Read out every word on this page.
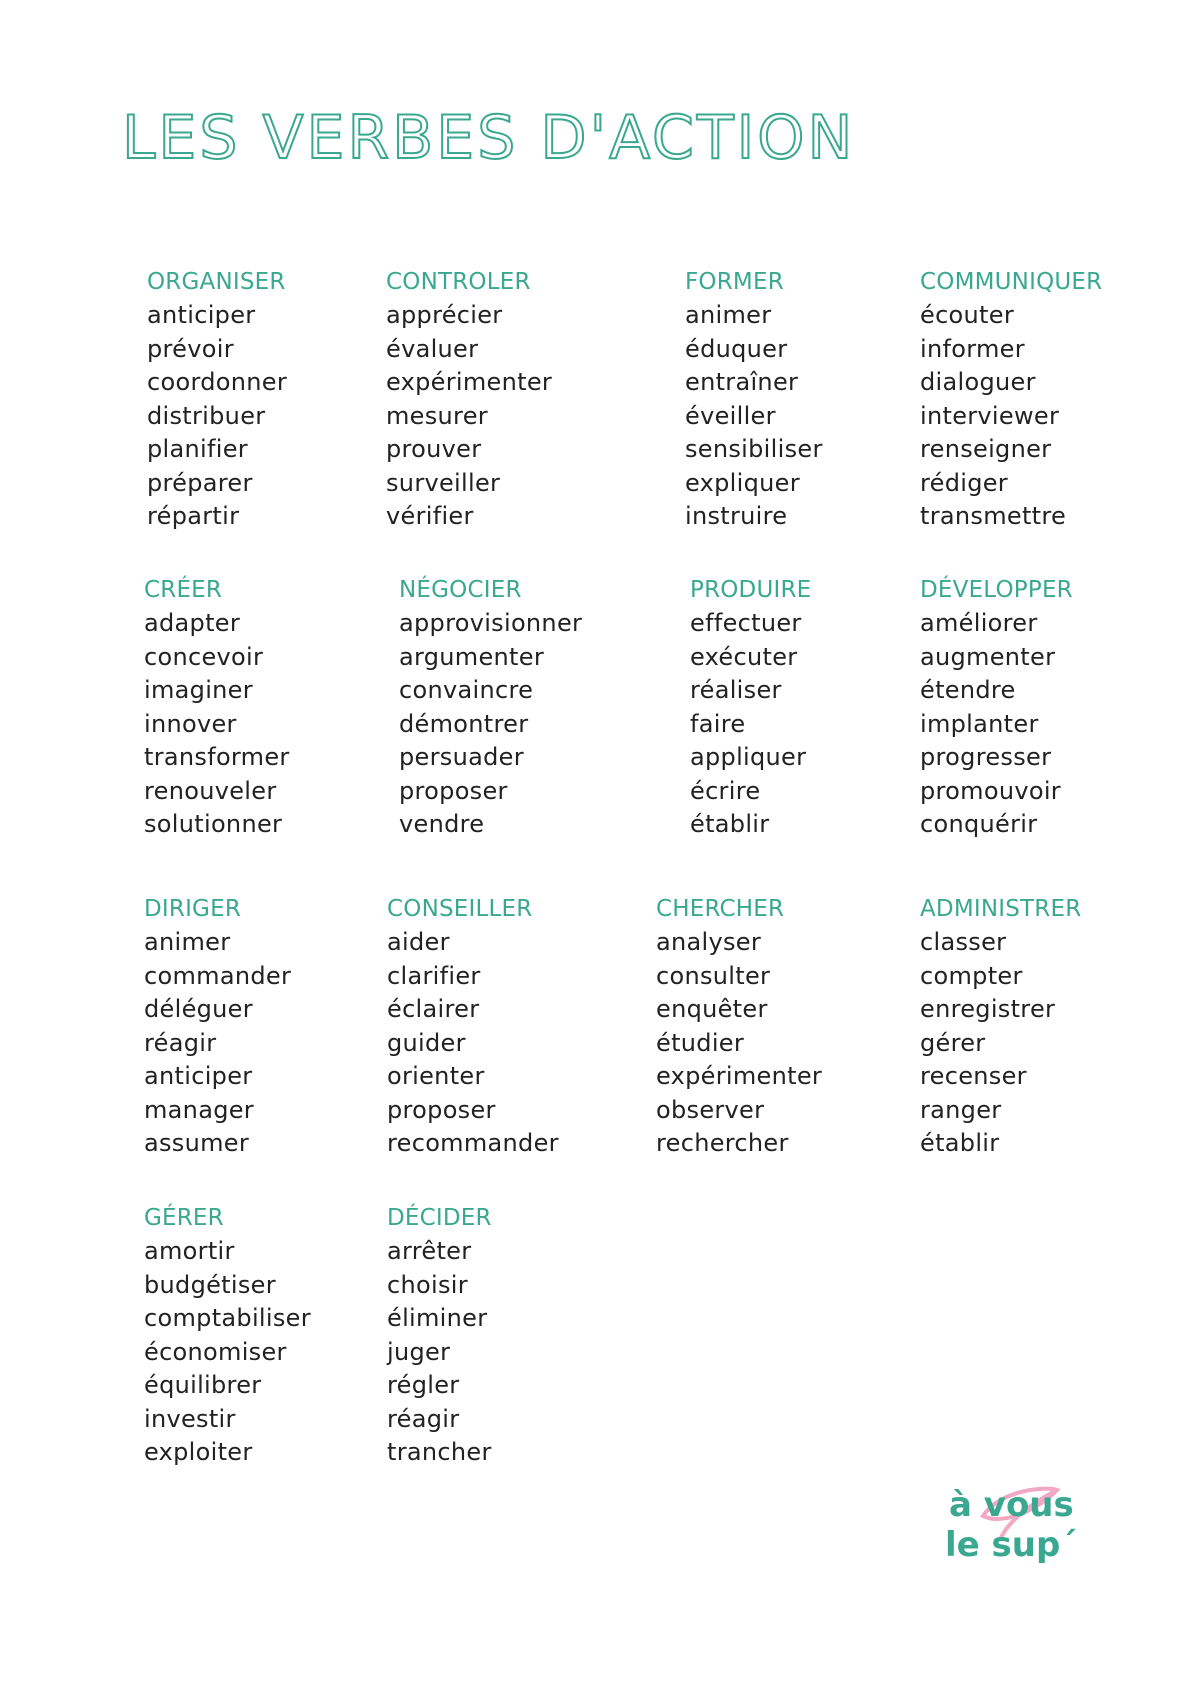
LES VERBES D'ACTION
ORGANISER
anticiper
prévoir
coordonner
distribuer
planifier
préparer
répartir
CONTROLER
apprécier
évaluer
expérimenter
mesurer
prouver
surveiller
vérifier
FORMER
animer
éduquer
entraîner
éveiller
sensibiliser
expliquer
instruire
COMMUNIQUER
écouter
informer
dialoguer
interviewer
renseigner
rédiger
transmettre
CRÉER
adapter
concevoir
imaginer
innover
transformer
renouveler
solutionner
NÉGOCIER
approvisionner
argumenter
convaincre
démontrer
persuader
proposer
vendre
PRODUIRE
effectuer
exécuter
réaliser
faire
appliquer
écrire
établir
DÉVELOPPER
améliorer
augmenter
étendre
implanter
progresser
promouvoir
conquérir
DIRIGER
animer
commander
déléguer
réagir
anticiper
manager
assumer
CONSEILLER
aider
clarifier
éclairer
guider
orienter
proposer
recommander
CHERCHER
analyser
consulter
enquêter
étudier
expérimenter
observer
rechercher
ADMINISTRER
classer
compter
enregistrer
gérer
recenser
ranger
établir
GÉRER
amortir
budgétiser
comptabiliser
économiser
équilibrer
investir
exploiter
DÉCIDER
arrêter
choisir
éliminer
juger
régler
réagir
trancher
à vous
le sup´
